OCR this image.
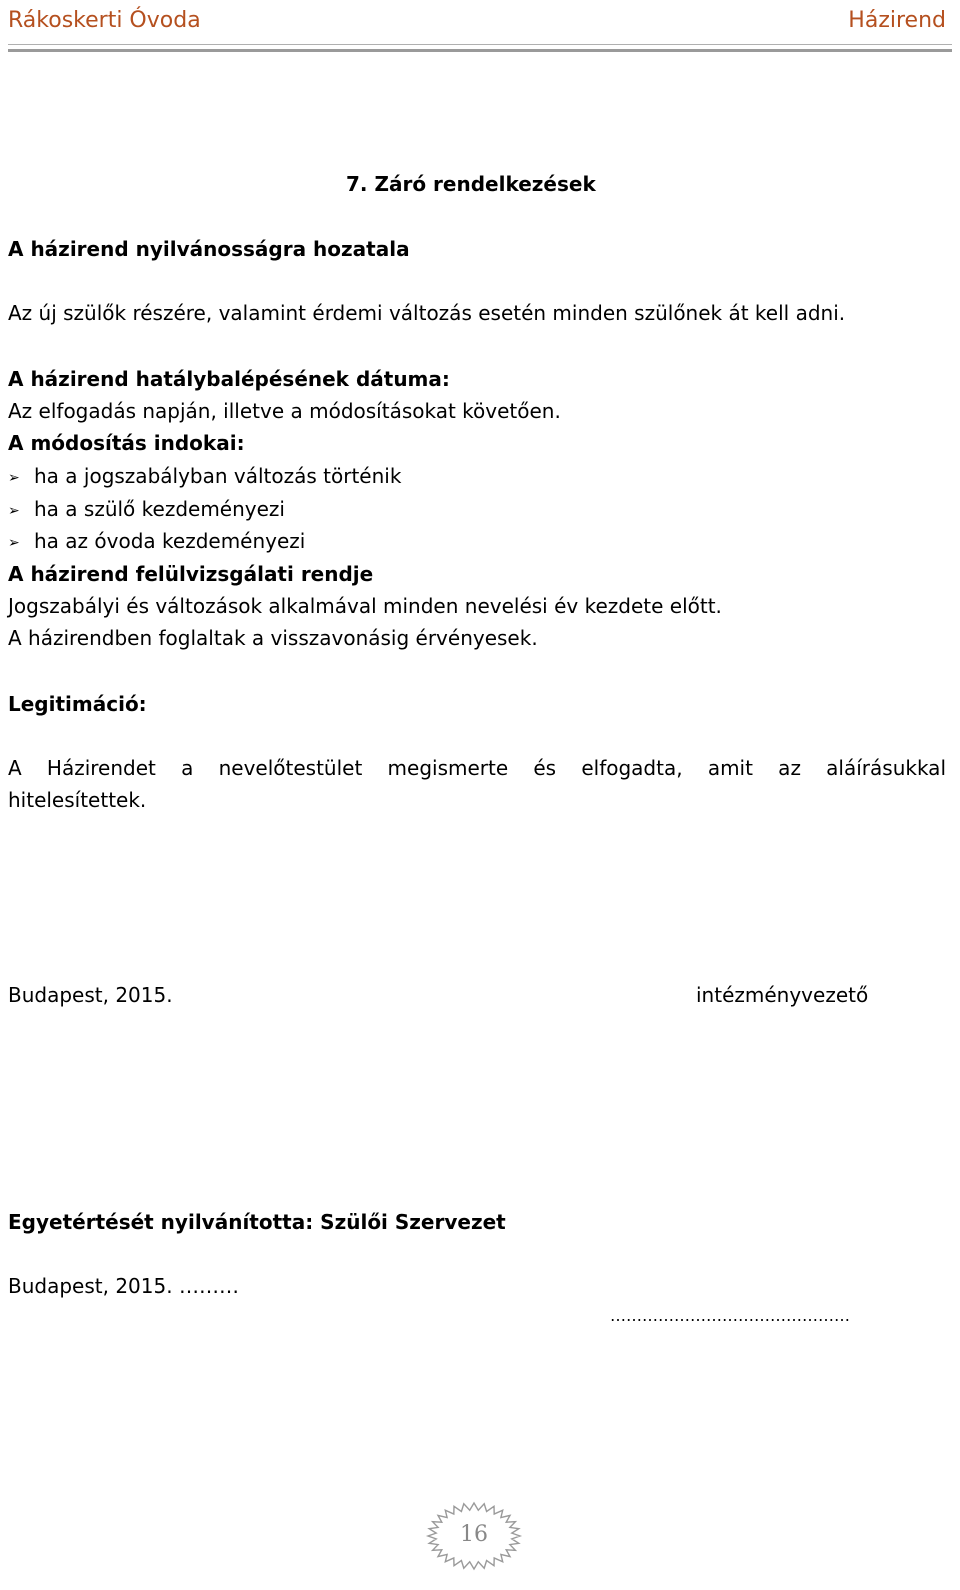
Rákoskerti Óvoda	Házirend
7. Záró rendelkezések
A házirend nyilvánosságra hozatala
Az új szülők részére, valamint érdemi változás esetén minden szülőnek át kell adni.
A házirend hatálybalépésének dátuma:
Az elfogadás napján, illetve a módosításokat követően.
A módosítás indokai:
➢ ha a jogszabályban változás történik
➢ ha a szülő kezdeményezi
➢ ha az óvoda kezdeményezi
A házirend felülvizsgálati rendje
Jogszabályi és változások alkalmával minden nevelési év kezdete előtt.
A házirendben foglaltak a visszavonásig érvényesek.
Legitimáció:
A Házirendet a nevelőtestület megismerte és elfogadta, amit az aláírásukkal
hitelesítettek.
Budapest, 2015.	intézményvezető
Egyetértését nyilvánította: Szülői Szervezet
Budapest, 2015. ………
………………………………………
16
